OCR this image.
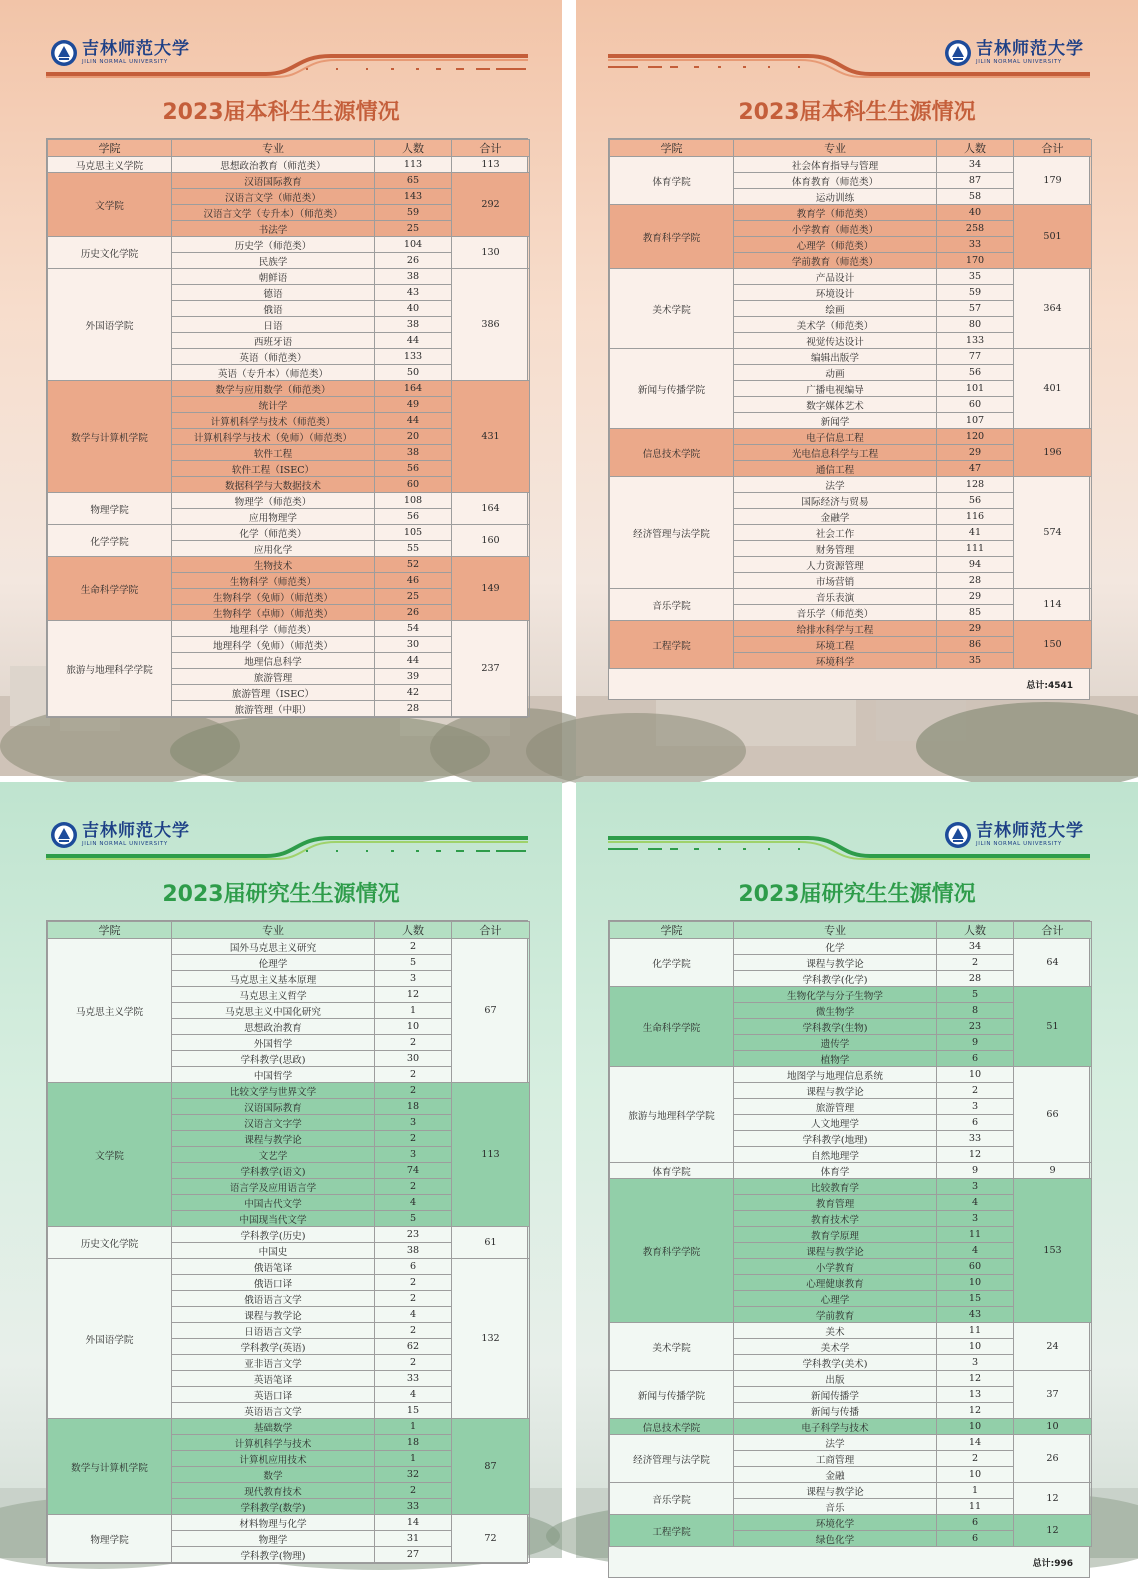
吉林师范大学
JILIN NORMAL UNIVERSITY
2023届本科生生源情况
学院	专业	人数	合计
马克思主义学院	思想政治教育（师范类）	113	113
文学院	汉语国际教育	65	292
	汉语言文学（师范类）	143	
	汉语言文学（专升本）（师范类）	59	
	书法学	25	
历史文化学院	历史学（师范类）	104	130
	民族学	26	
外国语学院	朝鲜语	38	386
	德语	43	
	俄语	40	
	日语	38	
	西班牙语	44	
	英语（师范类）	133	
	英语（专升本）（师范类）	50	
数学与计算机学院	数学与应用数学（师范类）	164	431
	统计学	49	
	计算机科学与技术（师范类）	44	
	计算机科学与技术（免师）（师范类）	20	
	软件工程	38	
	软件工程（ISEC）	56	
	数据科学与大数据技术	60	
物理学院	物理学（师范类）	108	164
	应用物理学	56	
化学学院	化学（师范类）	105	160
	应用化学	55	
生命科学学院	生物技术	52	149
	生物科学（师范类）	46	
	生物科学（免师）（师范类）	25	
	生物科学（卓师）（师范类）	26	
旅游与地理科学学院	地理科学（师范类）	54	237
	地理科学（免师）（师范类）	30	
	地理信息科学	44	
	旅游管理	39	
	旅游管理（ISEC）	42	
	旅游管理（中职）	28	
吉林师范大学
JILIN NORMAL UNIVERSITY
2023届本科生生源情况
学院	专业	人数	合计
体育学院	社会体育指导与管理	34	179
	体育教育（师范类）	87	
	运动训练	58	
教育科学学院	教育学（师范类）	40	501
	小学教育（师范类）	258	
	心理学（师范类）	33	
	学前教育（师范类）	170	
美术学院	产品设计	35	364
	环境设计	59	
	绘画	57	
	美术学（师范类）	80	
	视觉传达设计	133	
新闻与传播学院	编辑出版学	77	401
	动画	56	
	广播电视编导	101	
	数字媒体艺术	60	
	新闻学	107	
信息技术学院	电子信息工程	120	196
	光电信息科学与工程	29	
	通信工程	47	
经济管理与法学院	法学	128	574
	国际经济与贸易	56	
	金融学	116	
	社会工作	41	
	财务管理	111	
	人力资源管理	94	
	市场营销	28	
音乐学院	音乐表演	29	114
	音乐学（师范类）	85	
工程学院	给排水科学与工程	29	150
	环境工程	86	
	环境科学	35	
总计:4541
吉林师范大学
JILIN NORMAL UNIVERSITY
2023届研究生生源情况
学院	专业	人数	合计
马克思主义学院	国外马克思主义研究	2	67
	伦理学	5	
	马克思主义基本原理	3	
	马克思主义哲学	12	
	马克思主义中国化研究	1	
	思想政治教育	10	
	外国哲学	2	
	学科教学(思政)	30	
	中国哲学	2	
文学院	比较文学与世界文学	2	113
	汉语国际教育	18	
	汉语言文字学	3	
	课程与教学论	2	
	文艺学	3	
	学科教学(语文)	74	
	语言学及应用语言学	2	
	中国古代文学	4	
	中国现当代文学	5	
历史文化学院	学科教学(历史)	23	61
	中国史	38	
外国语学院	俄语笔译	6	132
	俄语口译	2	
	俄语语言文学	2	
	课程与教学论	4	
	日语语言文学	2	
	学科教学(英语)	62	
	亚非语言文学	2	
	英语笔译	33	
	英语口译	4	
	英语语言文学	15	
数学与计算机学院	基础数学	1	87
	计算机科学与技术	18	
	计算机应用技术	1	
	数学	32	
	现代教育技术	2	
	学科教学(数学)	33	
物理学院	材料物理与化学	14	72
	物理学	31	
	学科教学(物理)	27	
吉林师范大学
JILIN NORMAL UNIVERSITY
2023届研究生生源情况
学院	专业	人数	合计
化学学院	化学	34	64
	课程与教学论	2	
	学科教学(化学)	28	
生命科学学院	生物化学与分子生物学	5	51
	微生物学	8	
	学科教学(生物)	23	
	遗传学	9	
	植物学	6	
旅游与地理科学学院	地图学与地理信息系统	10	66
	课程与教学论	2	
	旅游管理	3	
	人文地理学	6	
	学科教学(地理)	33	
	自然地理学	12	
体育学院	体育学	9	9
教育科学学院	比较教育学	3	153
	教育管理	4	
	教育技术学	3	
	教育学原理	11	
	课程与教学论	4	
	小学教育	60	
	心理健康教育	10	
	心理学	15	
	学前教育	43	
美术学院	美术	11	24
	美术学	10	
	学科教学(美术)	3	
新闻与传播学院	出版	12	37
	新闻传播学	13	
	新闻与传播	12	
信息技术学院	电子科学与技术	10	10
经济管理与法学院	法学	14	26
	工商管理	2	
	金融	10	
音乐学院	课程与教学论	1	12
	音乐	11	
工程学院	环境化学	6	12
	绿色化学	6	
总计:996
